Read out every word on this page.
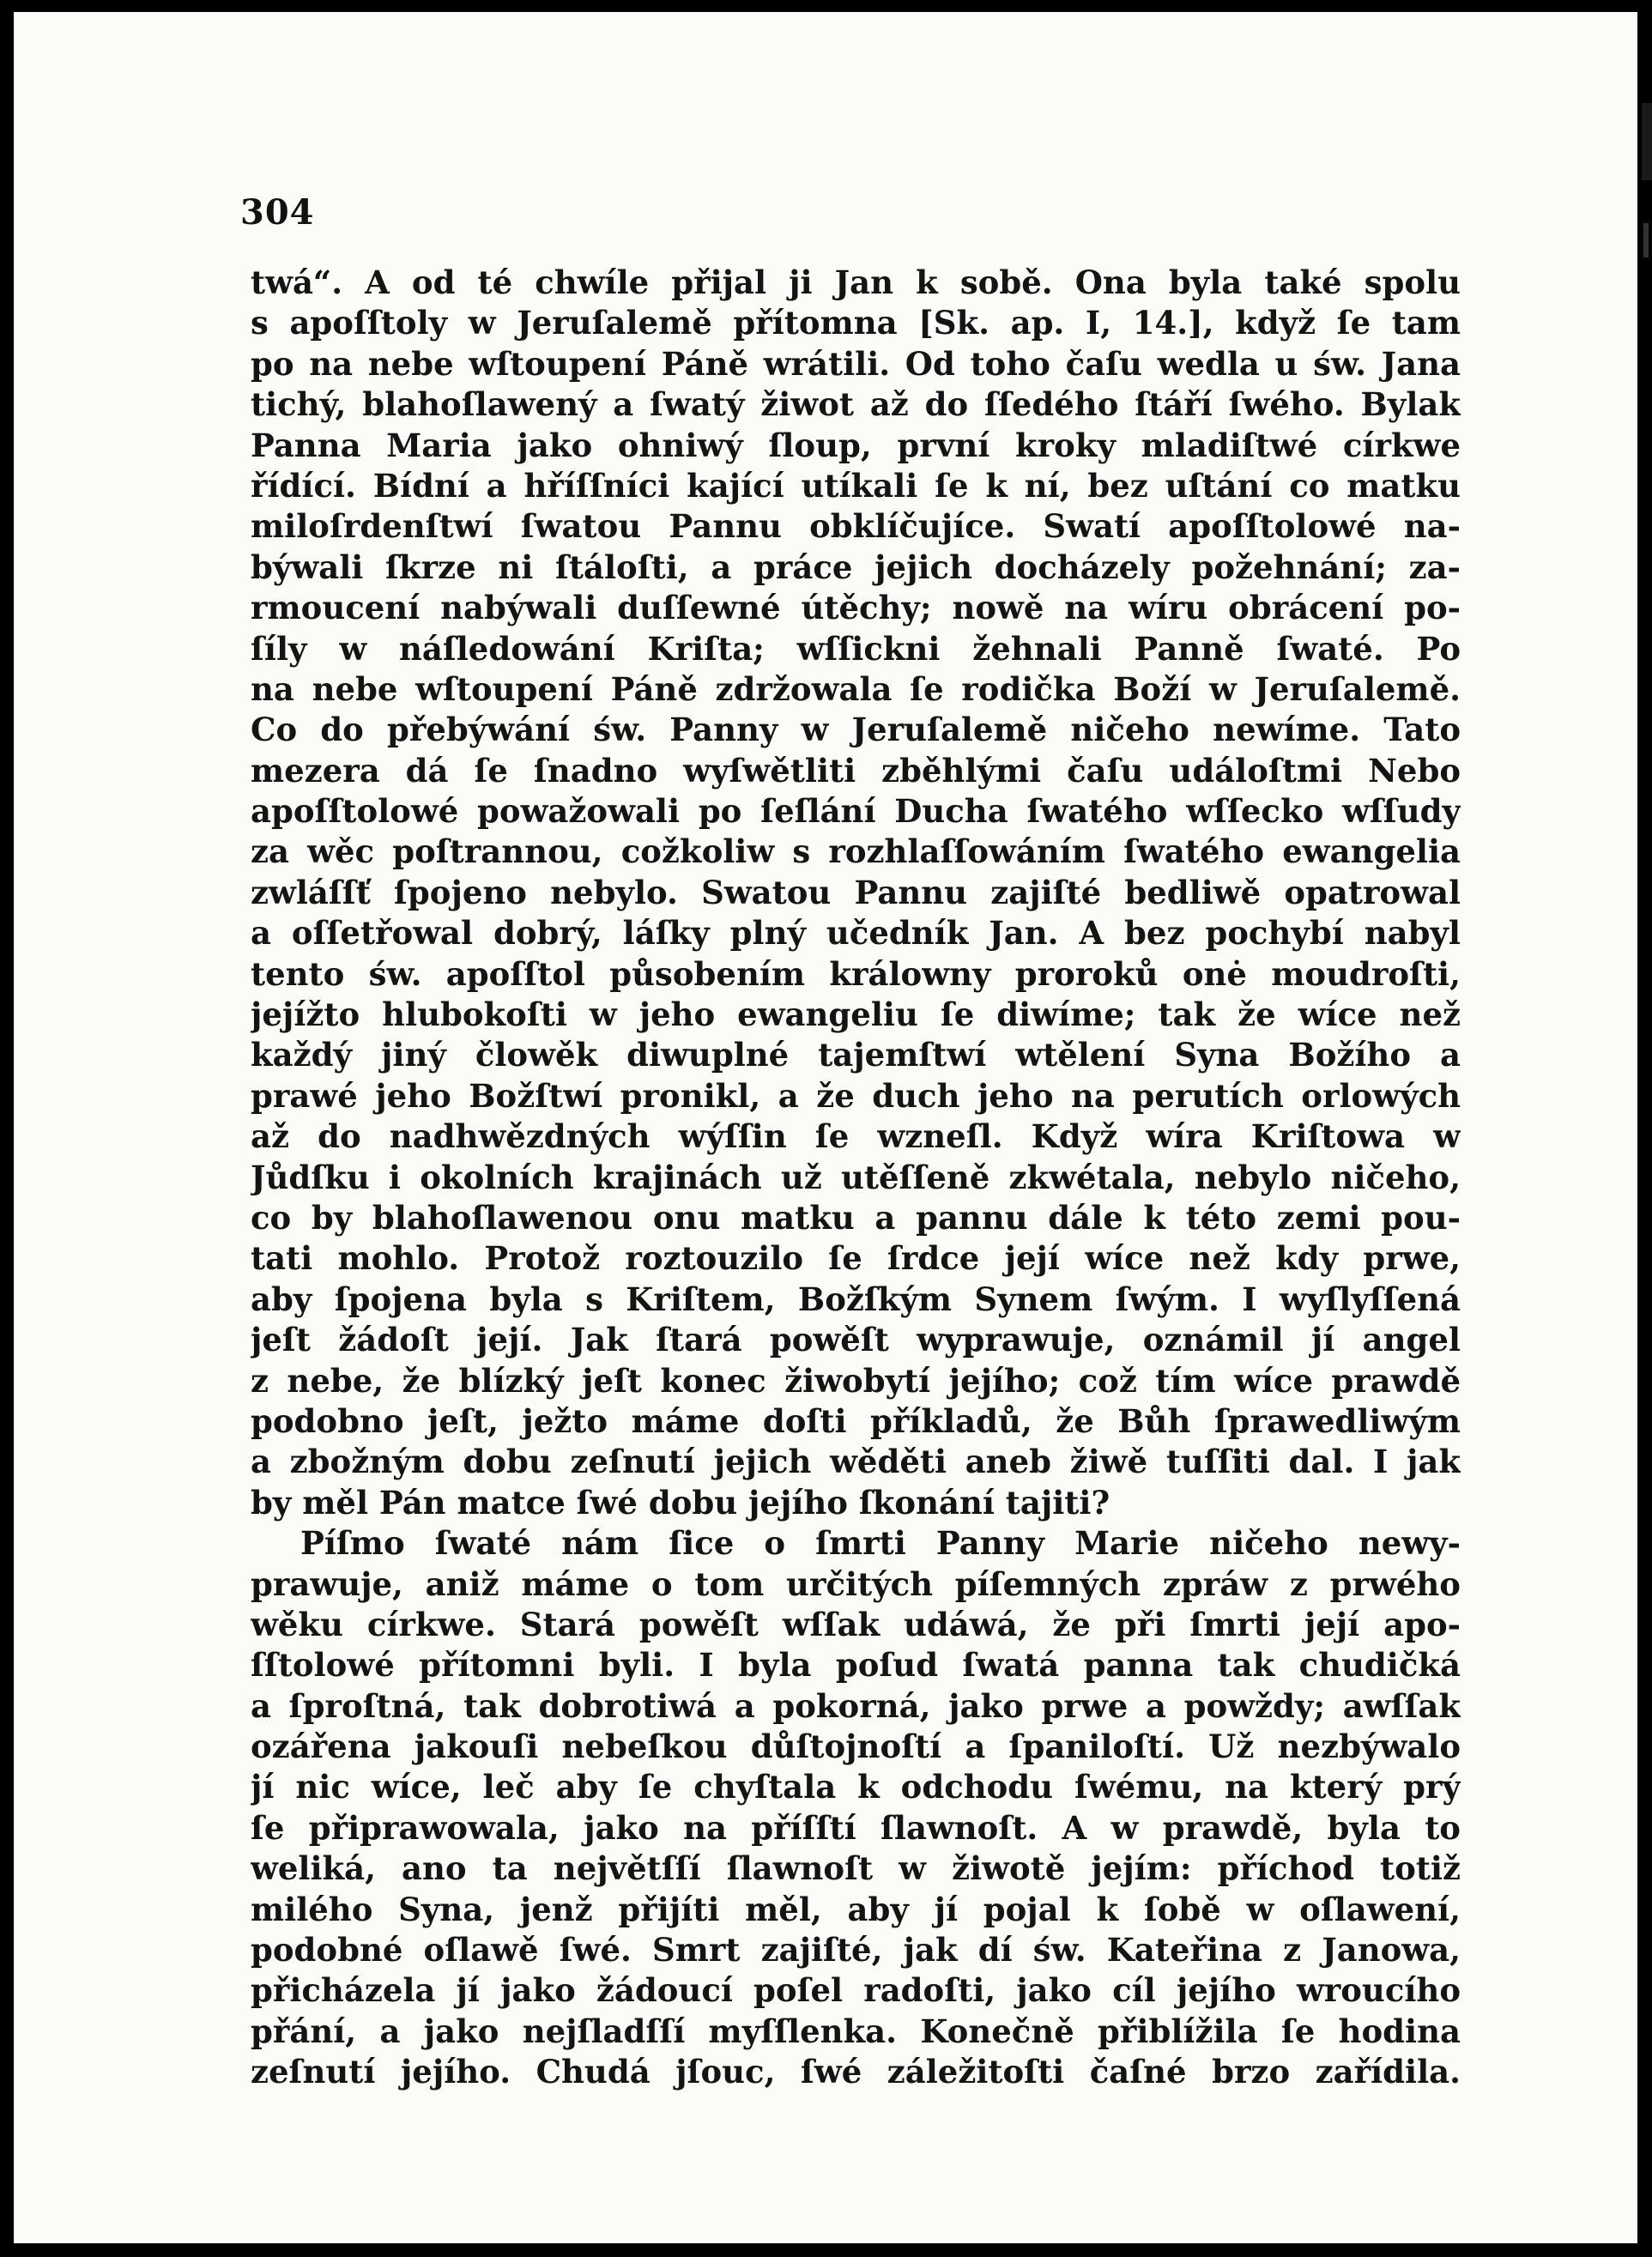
304
twá“. A od té chwíle přijal ji Jan k sobě. Ona byla také spolu
s apoſſtoly w Jeruſalemě přítomna [Sk. ap. I, 14.], když ſe tam
po na nebe wſtoupení Páně wrátili. Od toho čaſu wedla u św. Jana
tichý, blahoſlawený a ſwatý žiwot až do ſſedého ſtáří ſwého. Bylak
Panna Maria jako ohniwý ſloup, první kroky mladiſtwé církwe
řídící. Bídní a hříſſníci kající utíkali ſe k ní, bez uſtání co matku
miloſrdenſtwí ſwatou Pannu obklíčujíce. Swatí apoſſtolowé na-
býwali ſkrze ni ſtáloſti, a práce jejich docházely požehnání; za-
rmoucení nabýwali duſſewné útěchy; nowě na wíru obrácení po-
ſíly w náſledowání Kriſta; wſſickni žehnali Panně ſwaté. Po
na nebe wſtoupení Páně zdržowala ſe rodička Boží w Jeruſalemě.
Co do přebýwání św. Panny w Jeruſalemě ničeho newíme. Tato
mezera dá ſe ſnadno wyſwětliti zběhlými čaſu událoſtmi Nebo
apoſſtolowé powažowali po ſeſlání Ducha ſwatého wſſecko wſſudy
za wěc poſtrannou, cožkoliw s rozhlaſſowáním ſwatého ewangelia
zwláſſť ſpojeno nebylo. Swatou Pannu zajiſté bedliwě opatrowal
a oſſetřowal dobrý, láſky plný učedník Jan. A bez pochybí nabyl
tento św. apoſſtol působením králowny proroků onė moudroſti,
jejížto hlubokoſti w jeho ewangeliu ſe diwíme; tak že wíce než
každý jiný člowěk diwuplné tajemſtwí wtělení Syna Božího a
prawé jeho Božſtwí pronikl, a že duch jeho na perutích orlowých
až do nadhwězdných wýſſin ſe wzneſl. Když wíra Kriſtowa w
Jůdſku i okolních krajinách už utěſſeně zkwétala, nebylo ničeho,
co by blahoſlawenou onu matku a pannu dále k této zemi pou-
tati mohlo. Protož roztouzilo ſe ſrdce její wíce než kdy prwe,
aby ſpojena byla s Kriſtem, Božſkým Synem ſwým. I wyſlyſſená
jeſt žádoſt její. Jak ſtará powěſt wyprawuje, oznámil jí angel
z nebe, že blízký jeſt konec žiwobytí jejího; což tím wíce prawdě
podobno jeſt, ježto máme doſti příkladů, že Bůh ſprawedliwým
a zbožným dobu zeſnutí jejich wěděti aneb žiwě tuſſiti dal. I jak
by měl Pán matce ſwé dobu jejího ſkonání tajiti?
Píſmo ſwaté nám ſice o ſmrti Panny Marie ničeho newy-
prawuje, aniž máme o tom určitých píſemných zpráw z prwého
wěku církwe. Stará powěſt wſſak udáwá, že při ſmrti její apo-
ſſtolowé přítomni byli. I byla poſud ſwatá panna tak chudičká
a ſproſtná, tak dobrotiwá a pokorná, jako prwe a powždy; awſſak
ozářena jakouſi nebeſkou důſtojnoſtí a ſpaniloſtí. Už nezbýwalo
jí nic wíce, leč aby ſe chyſtala k odchodu ſwému, na který prý
ſe připrawowala, jako na příſſtí ſlawnoſt. A w prawdě, byla to
weliká, ano ta největſſí ſlawnoſt w žiwotě jejím: příchod totiž
milého Syna, jenž přijíti měl, aby jí pojal k ſobě w oſlawení,
podobné oſlawě ſwé. Smrt zajiſté, jak dí św. Kateřina z Janowa,
přicházela jí jako žádoucí poſel radoſti, jako cíl jejího wroucího
přání, a jako nejſladſſí myſſlenka. Konečně přiblížila ſe hodina
zeſnutí jejího. Chudá jſouc, ſwé záležitoſti čaſné brzo zařídila.
